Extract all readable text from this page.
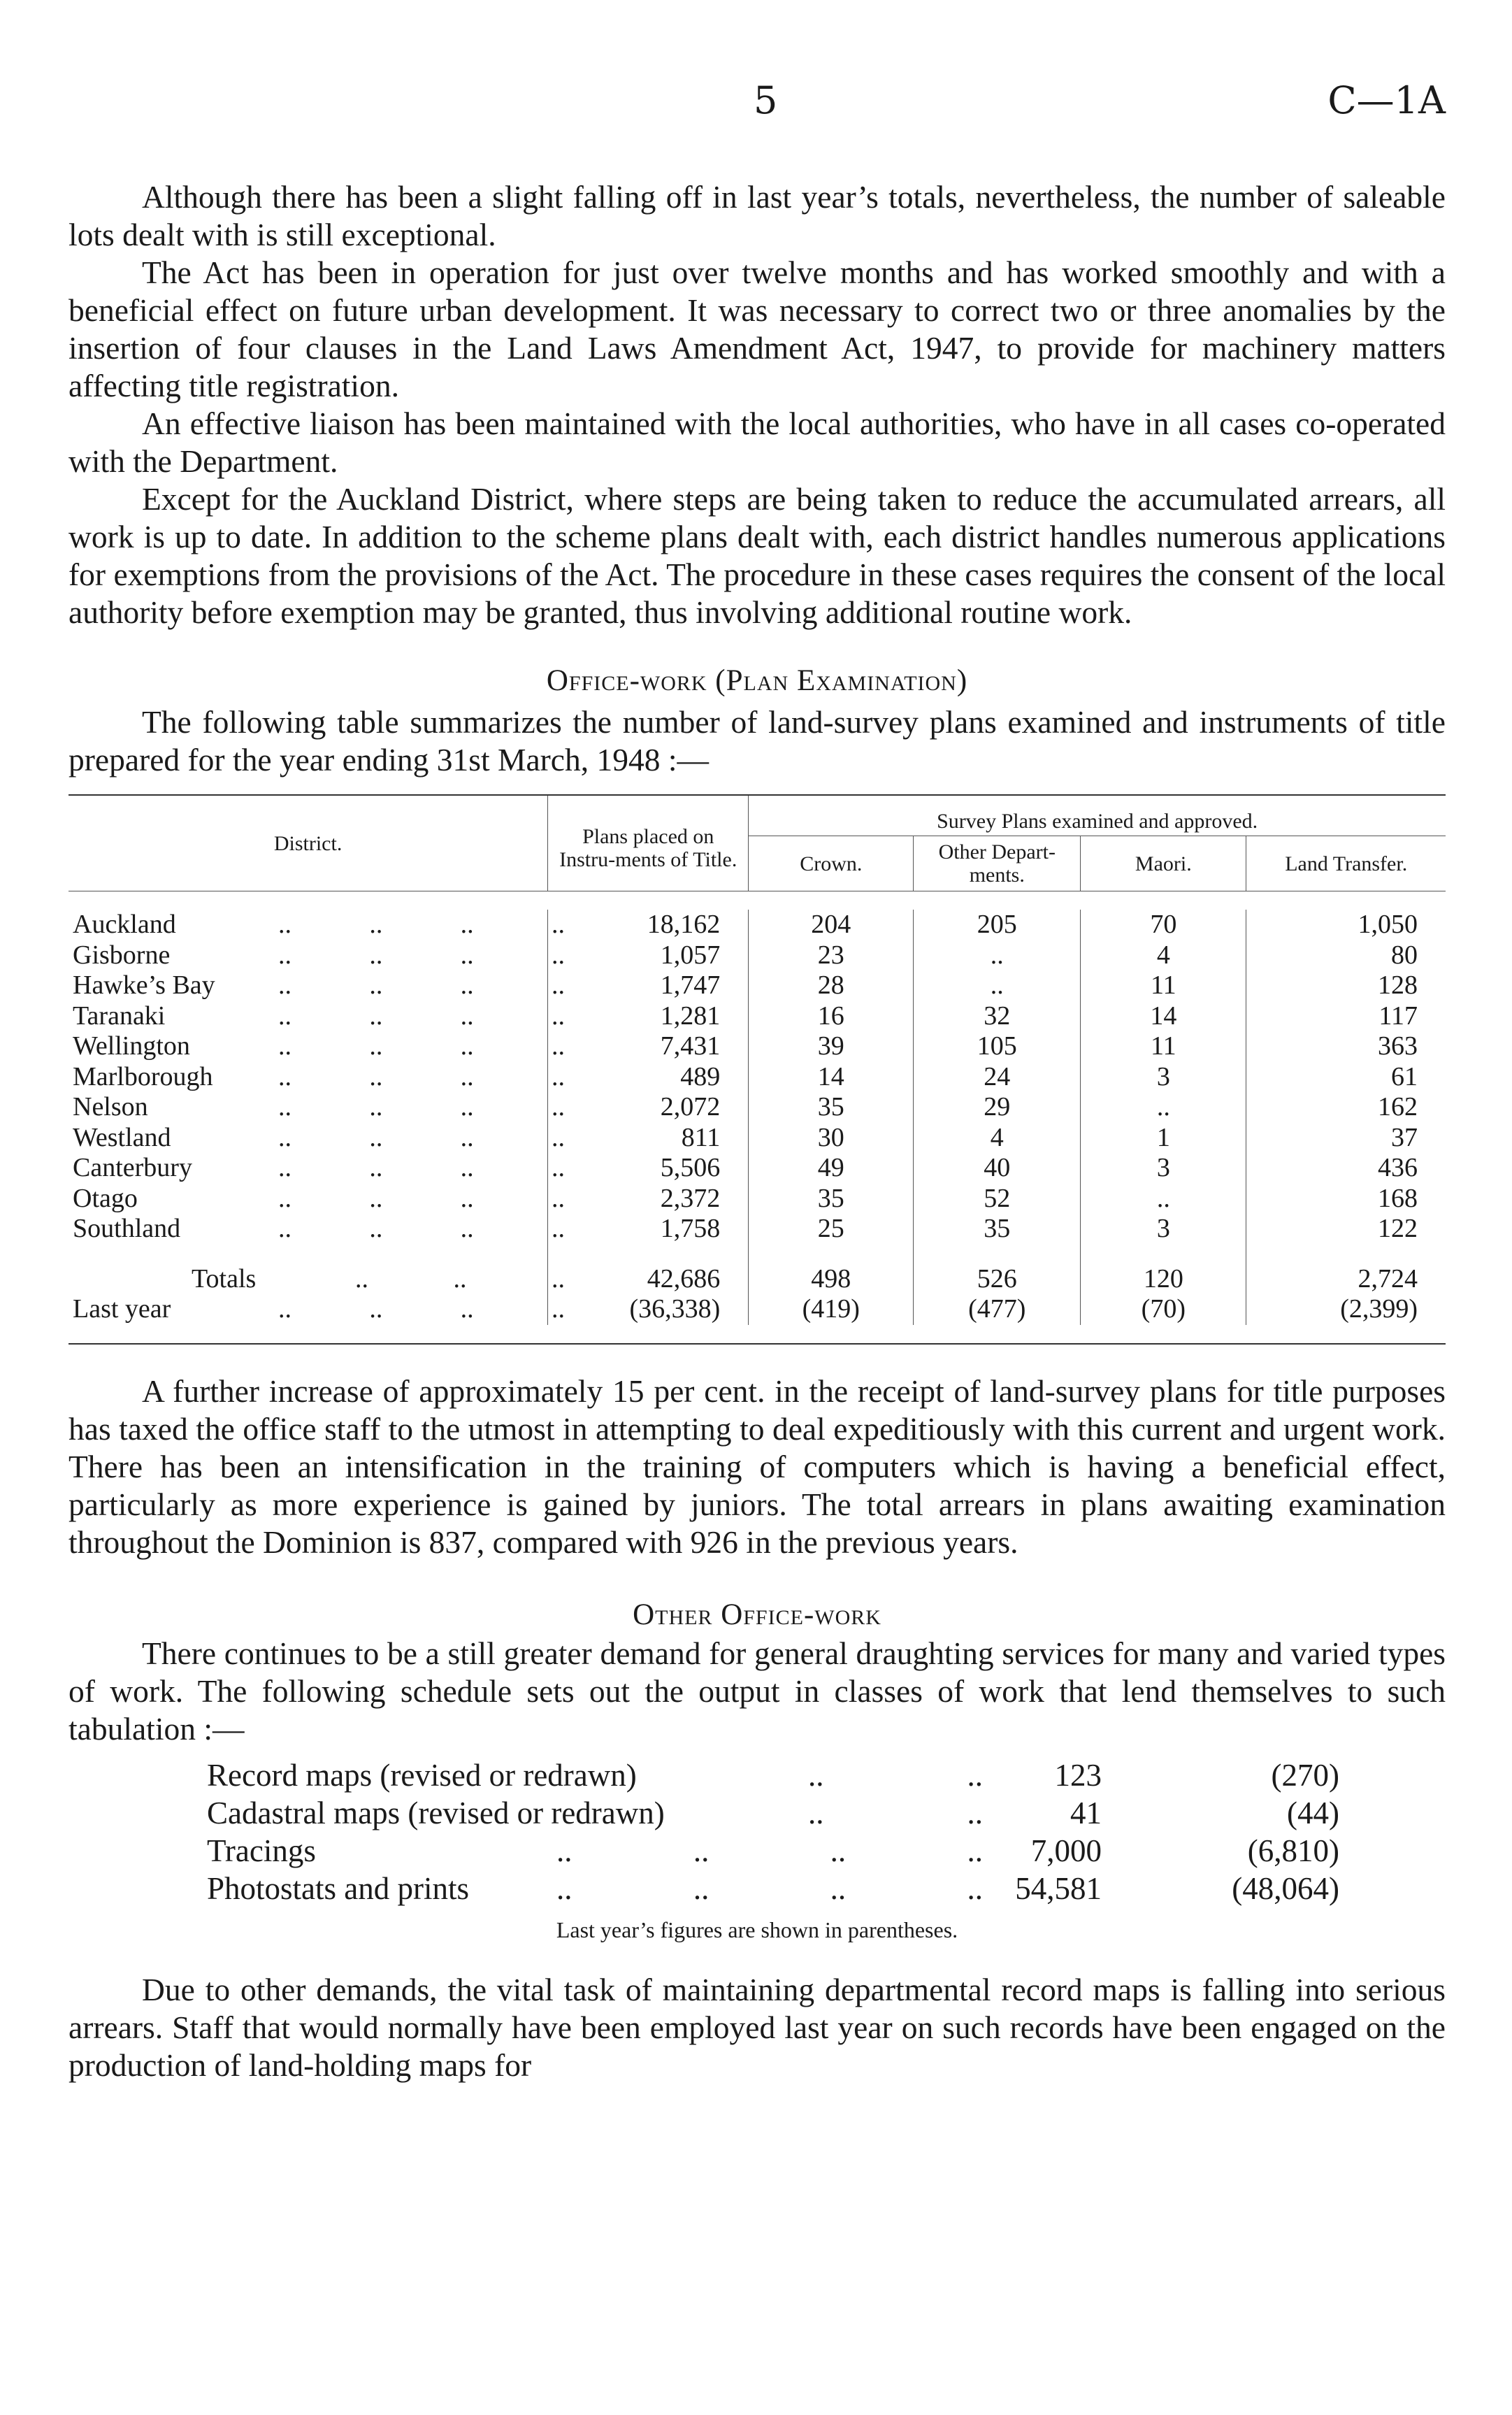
5	C—1A

Although there has been a slight falling off in last year’s totals, nevertheless, the number of saleable lots dealt with is still exceptional.

The Act has been in operation for just over twelve months and has worked smoothly and with a beneficial effect on future urban development. It was necessary to correct two or three anomalies by the insertion of four clauses in the Land Laws Amendment Act, 1947, to provide for machinery matters affecting title registration.

An effective liaison has been maintained with the local authorities, who have in all cases co-operated with the Department.

Except for the Auckland District, where steps are being taken to reduce the accumulated arrears, all work is up to date. In addition to the scheme plans dealt with, each district handles numerous applications for exemptions from the provisions of the Act. The procedure in these cases requires the consent of the local authority before exemption may be granted, thus involving additional routine work.

Office-work (Plan Examination)

The following table summarizes the number of land-survey plans examined and instruments of title prepared for the year ending 31st March, 1948 :—

District.	Plans placed on Instru-ments of Title.	Survey Plans examined and approved.			
		Crown.	Other Depart-ments.	Maori.	Land Transfer.

Auckland .. .. .. ..	18,162	204	205	70	1,050
Gisborne .. .. .. ..	1,057	23	..	4	80
Hawke’s Bay .. .. .. ..	1,747	28	..	11	128
Taranaki .. .. .. ..	1,281	16	32	14	117
Wellington .. .. .. ..	7,431	39	105	11	363
Marlborough .. .. .. ..	489	14	24	3	61
Nelson .. .. .. ..	2,072	35	29	..	162
Westland .. .. .. ..	811	30	4	1	37
Canterbury .. .. .. ..	5,506	49	40	3	436
Otago .. .. .. ..	2,372	35	52	..	168
Southland .. .. .. ..	1,758	25	35	3	122
Totals .. .. ..	42,686	498	526	120	2,724
Last year .. .. .. ..	(36,338)	(419)	(477)	(70)	(2,399)

A further increase of approximately 15 per cent. in the receipt of land-survey plans for title purposes has taxed the office staff to the utmost in attempting to deal expeditiously with this current and urgent work. There has been an intensification in the training of computers which is having a beneficial effect, particularly as more experience is gained by juniors. The total arrears in plans awaiting examination throughout the Dominion is 837, compared with 926 in the previous years.

Other Office-work

There continues to be a still greater demand for general draughting services for many and varied types of work. The following schedule sets out the output in classes of work that lend themselves to such tabulation :—

Record maps (revised or redrawn)	..	.. 123	(270)
Cadastral maps (revised or redrawn)	..	..	41	(44)
Tracings	..	..	..	.. 7,000	(6,810)
Photostats and prints	..	..	..	.. 54,581	(48,064)
Last year’s figures are shown in parentheses.

Due to other demands, the vital task of maintaining departmental record maps is falling into serious arrears. Staff that would normally have been employed last year on such records have been engaged on the production of land-holding maps for
